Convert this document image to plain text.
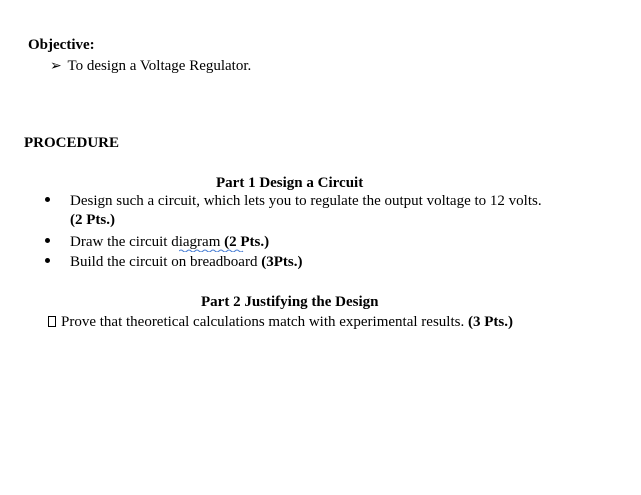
Objective:
➢ To design a Voltage Regulator.
PROCEDURE
Part 1 Design a Circuit
Design such a circuit, which lets you to regulate the output voltage to 12 volts.
(2 Pts.)
Draw the circuit diagram (2 Pts.)
Build the circuit on breadboard (3Pts.)
Part 2 Justifying the Design
Prove that theoretical calculations match with experimental results. (3 Pts.)
